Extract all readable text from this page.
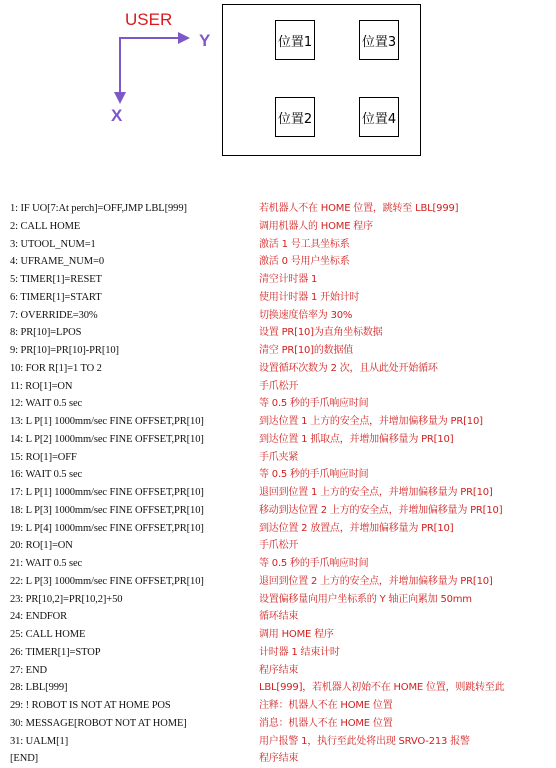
USER
Y
X
位置1	位置3
位置2	位置4
1: IF UO[7:At perch]=OFF,JMP LBL[999]	若机器人不在 HOME 位置，跳转至 LBL[999]
2: CALL HOME	调用机器人的 HOME 程序
3: UTOOL_NUM=1	激活 1 号工具坐标系
4: UFRAME_NUM=0	激活 0 号用户坐标系
5: TIMER[1]=RESET	清空计时器 1
6: TIMER[1]=START	使用计时器 1 开始计时
7: OVERRIDE=30%	切换速度倍率为 30%
8: PR[10]=LPOS	设置 PR[10]为直角坐标数据
9: PR[10]=PR[10]-PR[10]	清空 PR[10]的数据值
10: FOR R[1]=1 TO 2	设置循环次数为 2 次，且从此处开始循环
11: RO[1]=ON	手爪松开
12: WAIT 0.5 sec	等 0.5 秒的手爪响应时间
13: L P[1] 1000mm/sec FINE OFFSET,PR[10]	到达位置 1 上方的安全点，并增加偏移量为 PR[10]
14: L P[2] 1000mm/sec FINE OFFSET,PR[10]	到达位置 1 抓取点，并增加偏移量为 PR[10]
15: RO[1]=OFF	手爪夹紧
16: WAIT 0.5 sec	等 0.5 秒的手爪响应时间
17: L P[1] 1000mm/sec FINE OFFSET,PR[10]	退回到位置 1 上方的安全点，并增加偏移量为 PR[10]
18: L P[3] 1000mm/sec FINE OFFSET,PR[10]	移动到达位置 2 上方的安全点，并增加偏移量为 PR[10]
19: L P[4] 1000mm/sec FINE OFFSET,PR[10]	到达位置 2 放置点，并增加偏移量为 PR[10]
20: RO[1]=ON	手爪松开
21: WAIT 0.5 sec	等 0.5 秒的手爪响应时间
22: L P[3] 1000mm/sec FINE OFFSET,PR[10]	退回到位置 2 上方的安全点，并增加偏移量为 PR[10]
23: PR[10,2]=PR[10,2]+50	设置偏移量向用户坐标系的 Y 轴正向累加 50mm
24: ENDFOR	循环结束
25: CALL HOME	调用 HOME 程序
26: TIMER[1]=STOP	计时器 1 结束计时
27: END	程序结束
28: LBL[999]	LBL[999]，若机器人初始不在 HOME 位置，则跳转至此
29: ! ROBOT IS NOT AT HOME POS	注释：机器人不在 HOME 位置
30: MESSAGE[ROBOT NOT AT HOME]	消息：机器人不在 HOME 位置
31: UALM[1]	用户报警 1，执行至此处将出现 SRVO-213 报警
[END]	程序结束
